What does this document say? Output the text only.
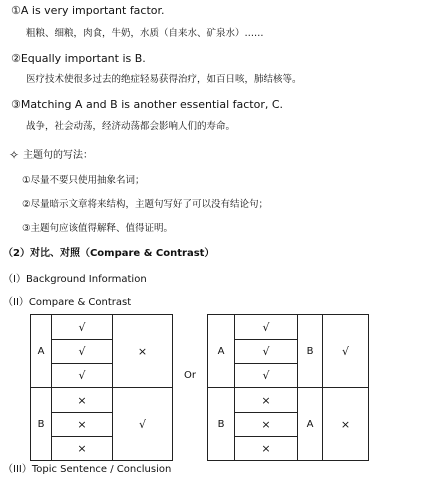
①A is very important factor.
粗粮、细粮，肉食，牛奶，水质（自来水、矿泉水）……
②Equally important is B.
医疗技术使很多过去的绝症轻易获得治疗，如百日咳，肺结核等。
③Matching A and B is another essential factor, C.
战争，社会动荡，经济动荡都会影响人们的寿命。
✧ 主题句的写法：
①尽量不要只使用抽象名词；
②尽量暗示文章将来结构，主题句写好了可以没有结论句；
③主题句应该值得解释、值得证明。
（2）对比、对照（Compare & Contrast）
（I）Background Information
（II）Compare & Contrast
A	√	×
	√	
	√	
B	×	√
	×	
	×	
Or
A	√	B	√
	√		
	√		
B	×	A	×
	×		
	×		
（III）Topic Sentence / Conclusion
